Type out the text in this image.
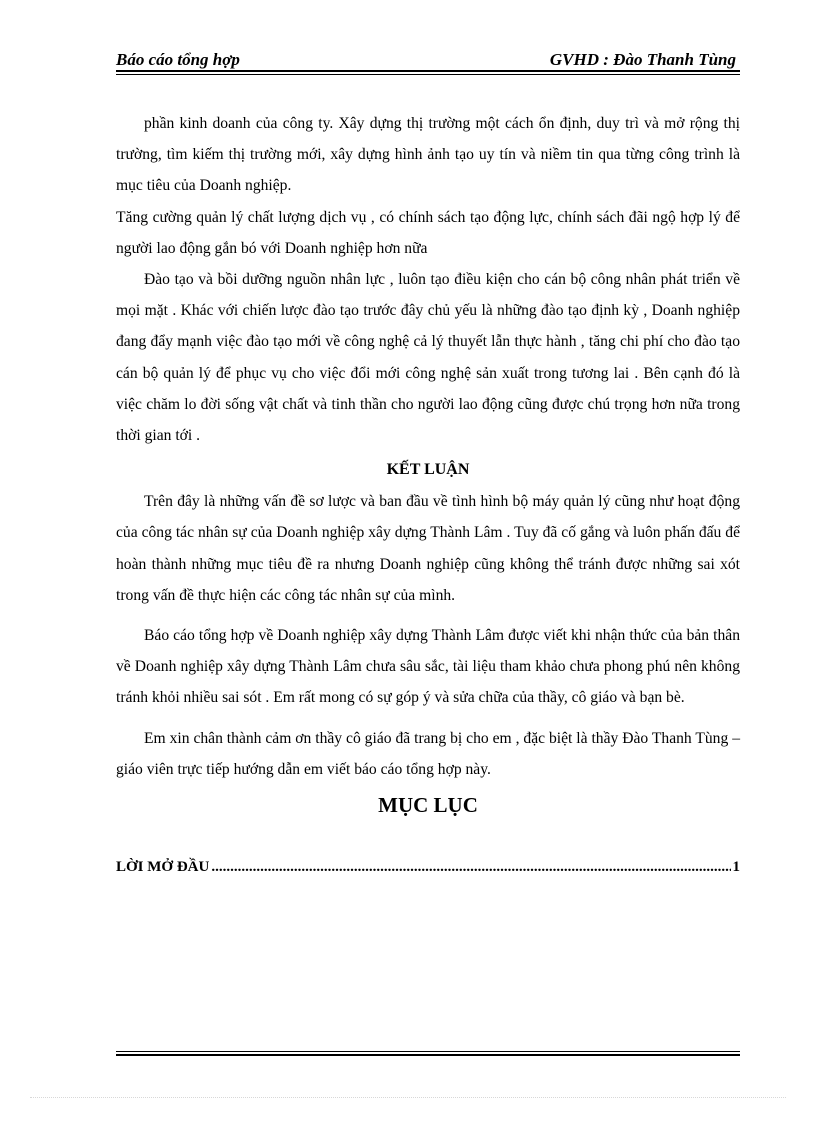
Báo cáo tổng hợp	GVHD : Đào Thanh Tùng

phần kinh doanh của công ty. Xây dựng thị trường một cách ổn định, duy trì và mở rộng thị trường, tìm kiếm thị trường mới, xây dựng hình ảnh tạo uy tín và niềm tin qua từng công trình là mục tiêu của Doanh nghiệp.

Tăng cường quản lý chất lượng dịch vụ , có chính sách tạo động lực, chính sách đãi ngộ hợp lý để người lao động gắn bó với Doanh nghiệp hơn nữa

Đào tạo và bồi dưỡng nguồn nhân lực , luôn tạo điều kiện cho cán bộ công nhân phát triển về mọi mặt . Khác với chiến lược đào tạo trước đây chủ yếu là những đào tạo định kỳ , Doanh nghiệp đang đẩy mạnh việc đào tạo mới về công nghệ cả lý thuyết lẫn thực hành , tăng chi phí cho đào tạo cán bộ quản lý để phục vụ cho việc đổi mới công nghệ sản xuất trong tương lai . Bên cạnh đó là việc chăm lo đời sống vật chất và tinh thần cho người lao động cũng được chú trọng hơn nữa trong thời gian tới .

KẾT LUẬN

Trên đây là những vấn đề sơ lược và ban đầu về tình hình bộ máy quản lý cũng như hoạt động của công tác nhân sự của Doanh nghiệp xây dựng Thành Lâm . Tuy đã cố gắng và luôn phấn đấu để hoàn thành những mục tiêu đề ra nhưng Doanh nghiệp cũng không thể tránh được những sai xót trong vấn đề thực hiện các công tác nhân sự của mình.

Báo cáo tổng hợp về Doanh nghiệp xây dựng Thành Lâm được viết khi nhận thức của bản thân về Doanh nghiệp xây dựng Thành Lâm chưa sâu sắc, tài liệu tham khảo chưa phong phú nên không tránh khỏi nhiều sai sót . Em rất mong có sự góp ý và sửa chữa của thầy, cô giáo và bạn bè.

Em xin chân thành cảm ơn thầy cô giáo đã trang bị cho em , đặc biệt là thầy Đào Thanh Tùng – giáo viên trực tiếp hướng dẫn em viết báo cáo tổng hợp này.

MỤC LỤC

LỜI MỞ ĐẦU
.....	1
